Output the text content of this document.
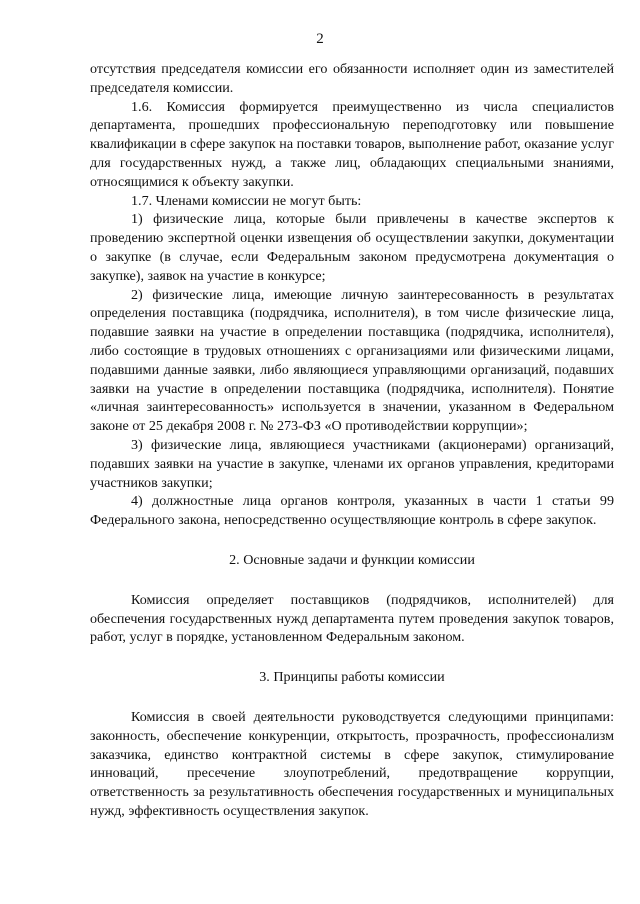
2

отсутствия председателя комиссии его обязанности исполняет один из заместителей председателя комиссии.

1.6. Комиссия формируется преимущественно из числа специалистов департамента, прошедших профессиональную переподготовку или повышение квалификации в сфере закупок на поставки товаров, выполнение работ, оказание услуг для государственных нужд, а также лиц, обладающих специальными знаниями, относящимися к объекту закупки.

1.7. Членами комиссии не могут быть:

1) физические лица, которые были привлечены в качестве экспертов к проведению экспертной оценки извещения об осуществлении закупки, документации о закупке (в случае, если Федеральным законом предусмотрена документация о закупке), заявок на участие в конкурсе;

2) физические лица, имеющие личную заинтересованность в результатах определения поставщика (подрядчика, исполнителя), в том числе физические лица, подавшие заявки на участие в определении поставщика (подрядчика, исполнителя), либо состоящие в трудовых отношениях с организациями или физическими лицами, подавшими данные заявки, либо являющиеся управляющими организаций, подавших заявки на участие в определении поставщика (подрядчика, исполнителя). Понятие «личная заинтересованность» используется в значении, указанном в Федеральном законе от 25 декабря 2008 г. № 273-ФЗ «О противодействии коррупции»;

3) физические лица, являющиеся участниками (акционерами) организаций, подавших заявки на участие в закупке, членами их органов управления, кредиторами участников закупки;

4) должностные лица органов контроля, указанных в части 1 статьи 99 Федерального закона, непосредственно осуществляющие контроль в сфере закупок.

2. Основные задачи и функции комиссии

Комиссия определяет поставщиков (подрядчиков, исполнителей) для обеспечения государственных нужд департамента путем проведения закупок товаров, работ, услуг в порядке, установленном Федеральным законом.

3. Принципы работы комиссии

Комиссия в своей деятельности руководствуется следующими принципами: законность, обеспечение конкуренции, открытость, прозрачность, профессионализм заказчика, единство контрактной системы в сфере закупок, стимулирование инноваций, пресечение злоупотреблений, предотвращение коррупции, ответственность за результативность обеспечения государственных и муниципальных нужд, эффективность осуществления закупок.
